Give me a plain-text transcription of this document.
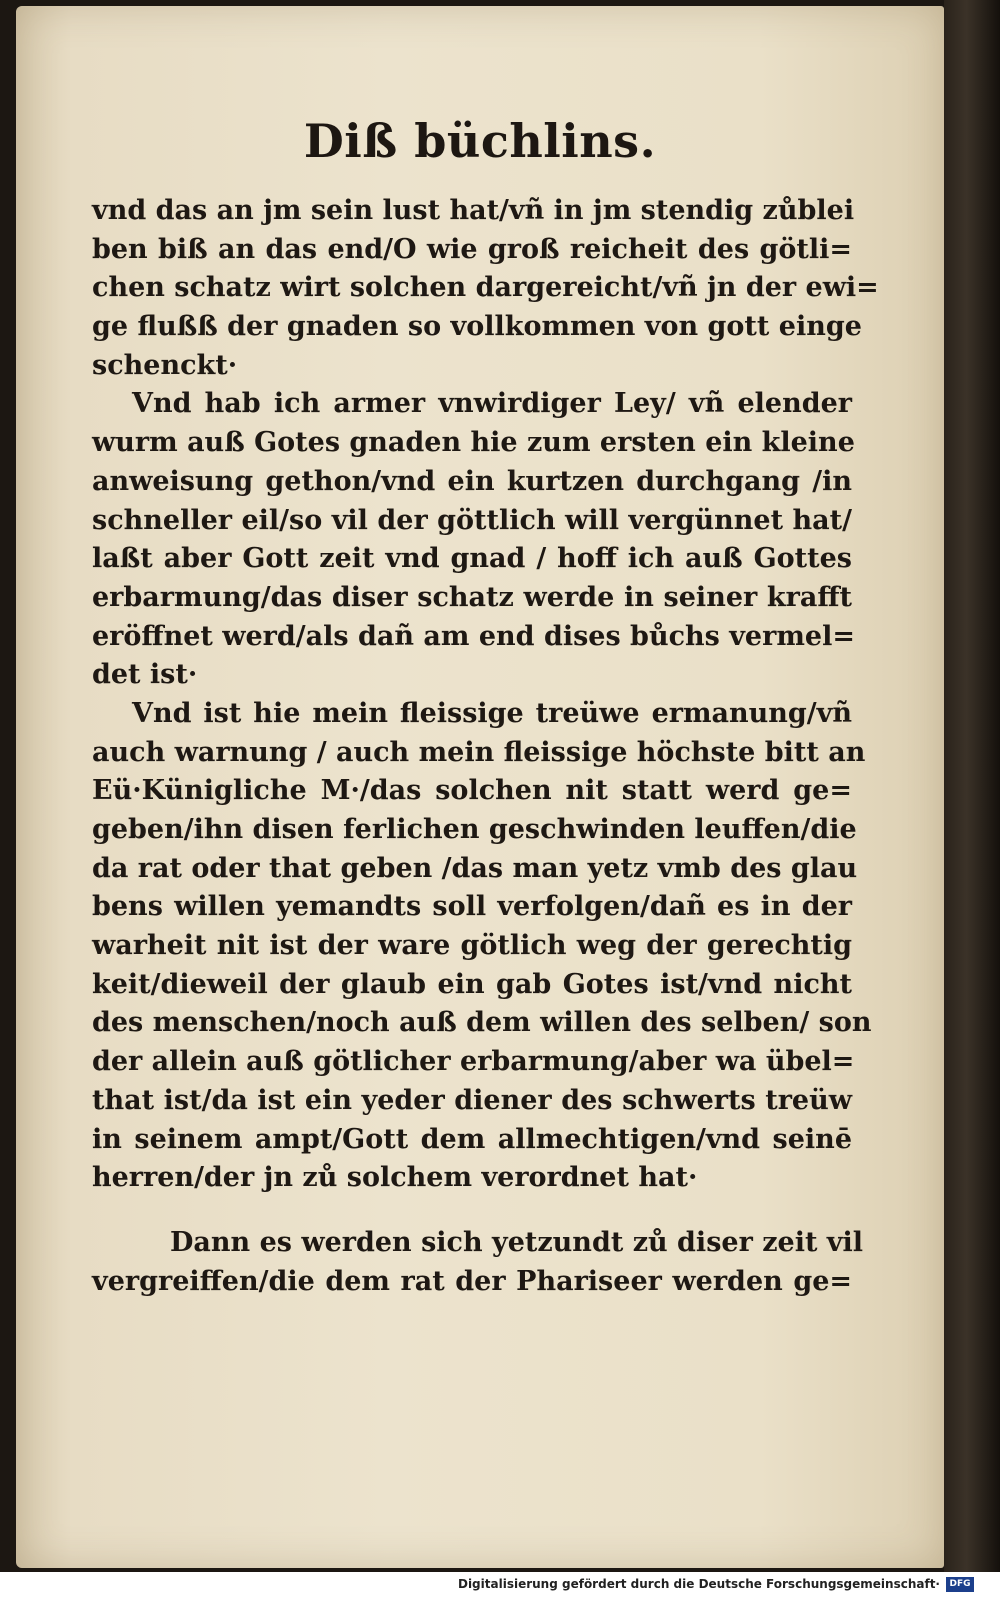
Diß büchlins.
vnd das an jm sein lust hat/vñ in jm stendig zůblei
ben biß an das end/O wie groß reicheit des götli=
chen schatz wirt solchen dargereicht/vñ jn der ewi=
ge flußß der gnaden so vollkommen von gott einge
schenckt·
Vnd hab ich armer vnwirdiger Ley/ vñ elender
wurm auß Gotes gnaden hie zum ersten ein kleine
anweisung gethon/vnd ein kurtzen durchgang /in
schneller eil/so vil der göttlich will vergünnet hat/
laßt aber Gott zeit vnd gnad / hoff ich auß Gottes
erbarmung/das diser schatz werde in seiner krafft
eröffnet werd/als dañ am end dises bůchs vermel=
det ist·
Vnd ist hie mein fleissige treüwe ermanung/vñ
auch warnung / auch mein fleissige höchste bitt an
Eü·Künigliche M·/das solchen nit statt werd ge=
geben/ihn disen ferlichen geschwinden leuffen/die
da rat oder that geben /das man yetz vmb des glau
bens willen yemandts soll verfolgen/dañ es in der
warheit nit ist der ware götlich weg der gerechtig
keit/dieweil der glaub ein gab Gotes ist/vnd nicht
des menschen/noch auß dem willen des selben/ son
der allein auß götlicher erbarmung/aber wa übel=
that ist/da ist ein yeder diener des schwerts treüw
in seinem ampt/Gott dem allmechtigen/vnd seinē
herren/der jn zů solchem verordnet hat·
Dann es werden sich yetzundt zů diser zeit vil
vergreiffen/die dem rat der Phariseer werden ge=
Digitalisierung gefördert durch die Deutsche Forschungsgemeinschaft·	DFG
